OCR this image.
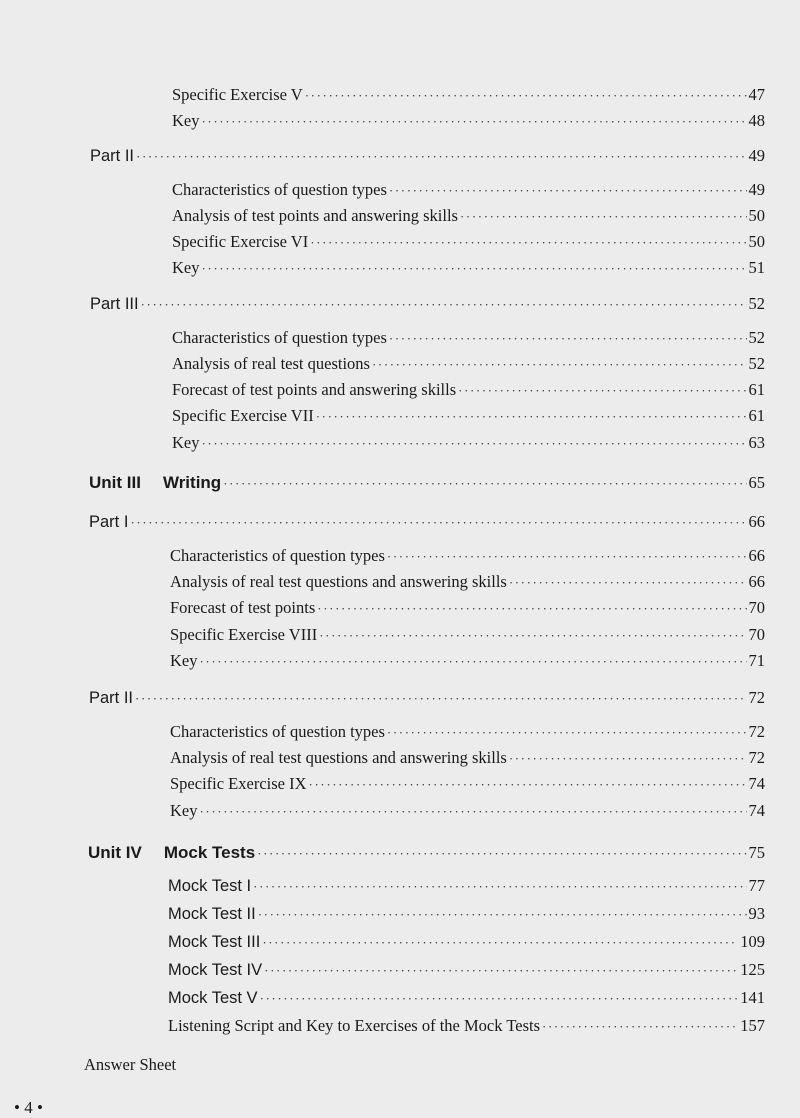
Specific Exercise V ·····	47
Key ·····	48
Part II ·····	49
Characteristics of question types ·····	49
Analysis of test points and answering skills ·····	50
Specific Exercise VI ·····	50
Key ·····	51
Part III ·····	52
Characteristics of question types ·····	52
Analysis of real test questions ·····	52
Forecast of test points and answering skills ·····	61
Specific Exercise VII ·····	61
Key ·····	63
Unit III Writing ·····	65
Part I ·····	66
Characteristics of question types ·····	66
Analysis of real test questions and answering skills ·····	66
Forecast of test points ·····	70
Specific Exercise VIII ·····	70
Key ·····	71
Part II ·····	72
Characteristics of question types ·····	72
Analysis of real test questions and answering skills ·····	72
Specific Exercise IX ·····	74
Key ·····	74
Unit IV Mock Tests ·····	75
Mock Test I ·····	77
Mock Test II ·····	93
Mock Test III ·····	109
Mock Test IV ·····	125
Mock Test V ·····	141
Listening Script and Key to Exercises of the Mock Tests ·····	157
Answer Sheet
• 4 •
